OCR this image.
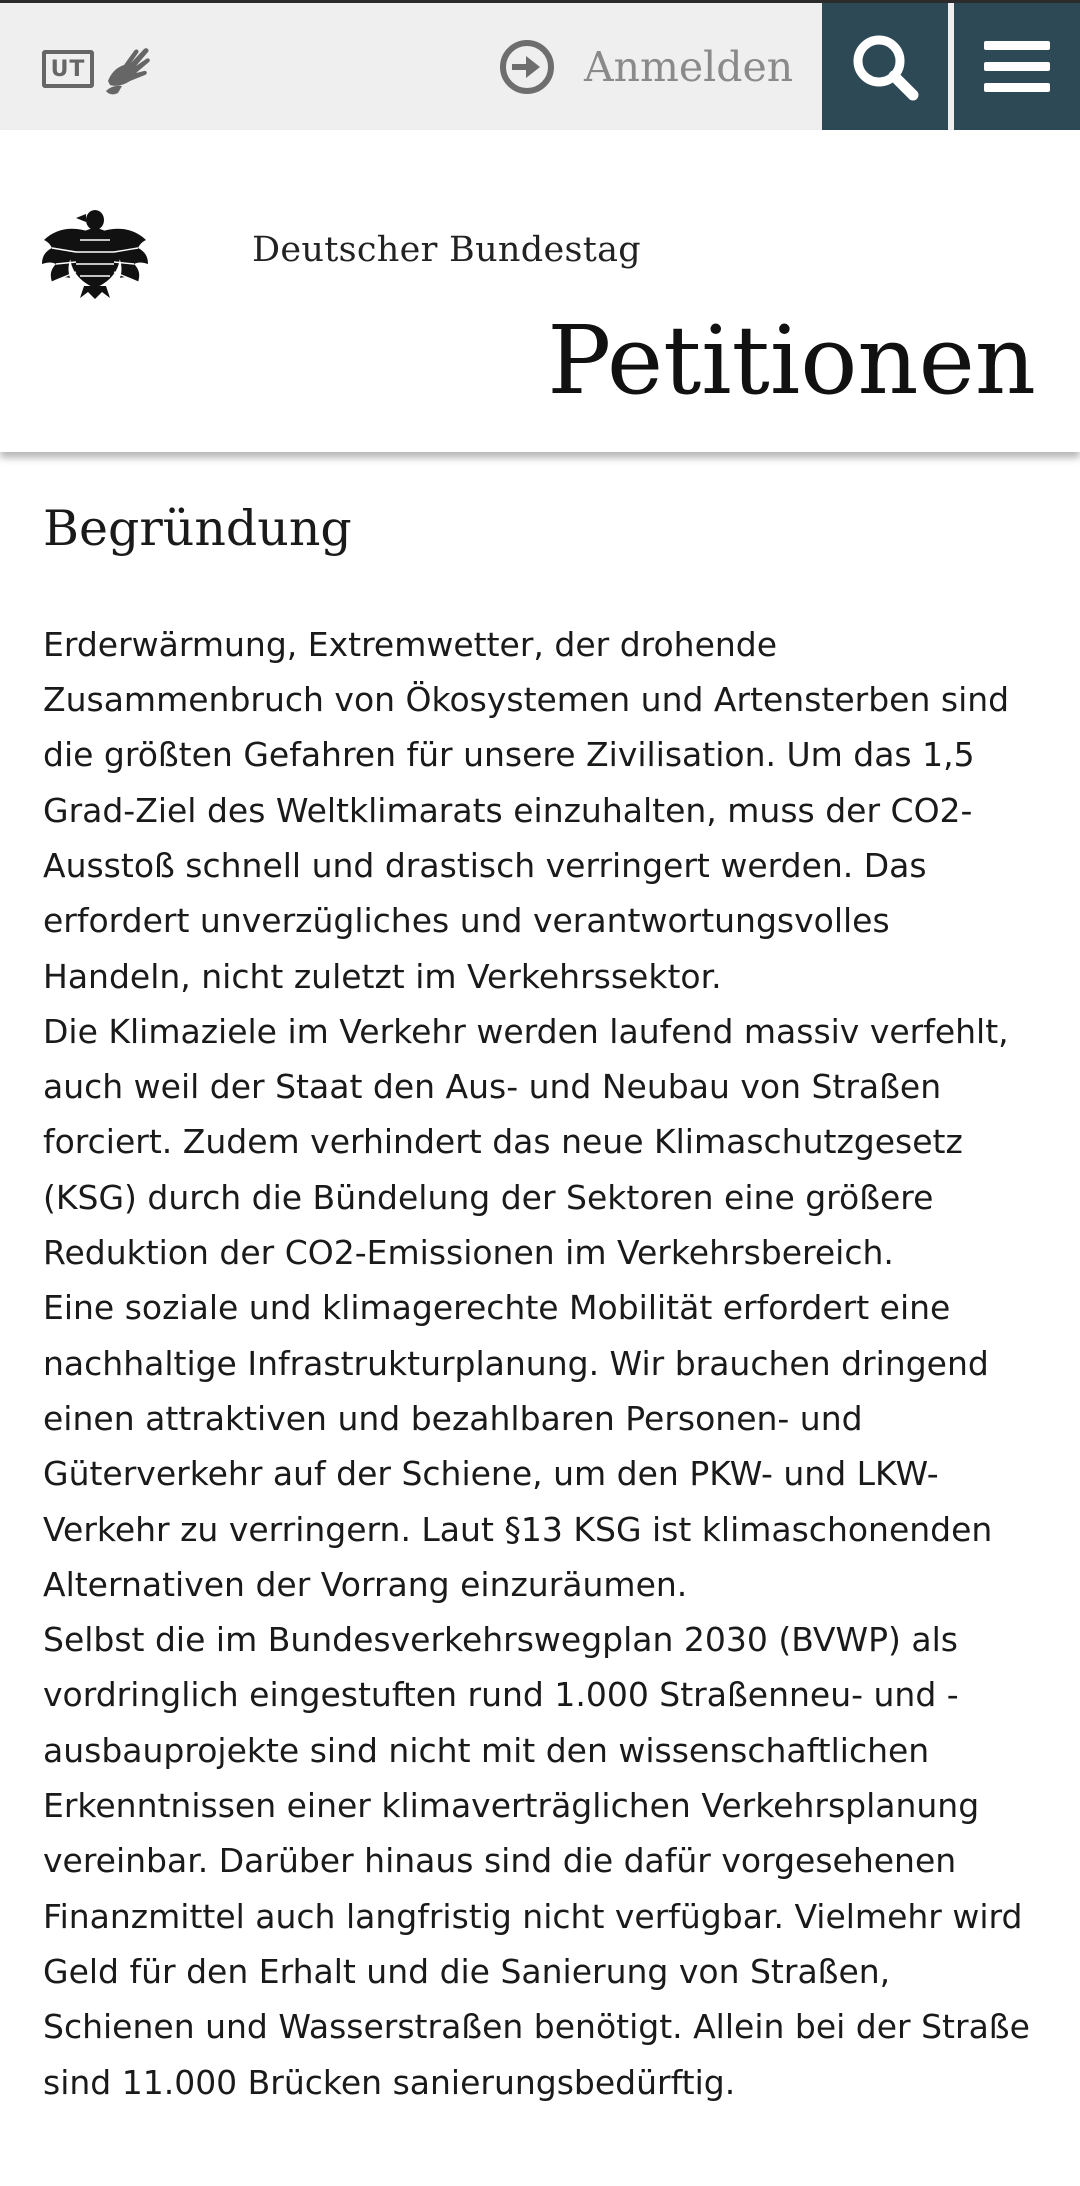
UT	Anmelden
Deutscher Bundestag
Petitionen
Begründung

Erderwärmung, Extremwetter, der drohende Zusammenbruch von Ökosystemen und Artensterben sind die größten Gefahren für unsere Zivilisation. Um das 1,5 Grad-Ziel des Weltklimarats einzuhalten, muss der CO2-Ausstoß schnell und drastisch verringert werden. Das erfordert unverzügliches und verantwortungsvolles Handeln, nicht zuletzt im Verkehrssektor.

Die Klimaziele im Verkehr werden laufend massiv verfehlt, auch weil der Staat den Aus- und Neubau von Straßen forciert. Zudem verhindert das neue Klimaschutzgesetz (KSG) durch die Bündelung der Sektoren eine größere Reduktion der CO2-Emissionen im Verkehrsbereich.

Eine soziale und klimagerechte Mobilität erfordert eine nachhaltige Infrastrukturplanung. Wir brauchen dringend einen attraktiven und bezahlbaren Personen- und Güterverkehr auf der Schiene, um den PKW- und LKW-Verkehr zu verringern. Laut §13 KSG ist klimaschonenden Alternativen der Vorrang einzuräumen.

Selbst die im Bundesverkehrswegplan 2030 (BVWP) als vordringlich eingestuften rund 1.000 Straßenneu- und -ausbauprojekte sind nicht mit den wissenschaftlichen Erkenntnissen einer klimaverträglichen Verkehrsplanung vereinbar. Darüber hinaus sind die dafür vorgesehenen Finanzmittel auch langfristig nicht verfügbar. Vielmehr wird Geld für den Erhalt und die Sanierung von Straßen, Schienen und Wasserstraßen benötigt. Allein bei der Straße sind 11.000 Brücken sanierungsbedürftig.
